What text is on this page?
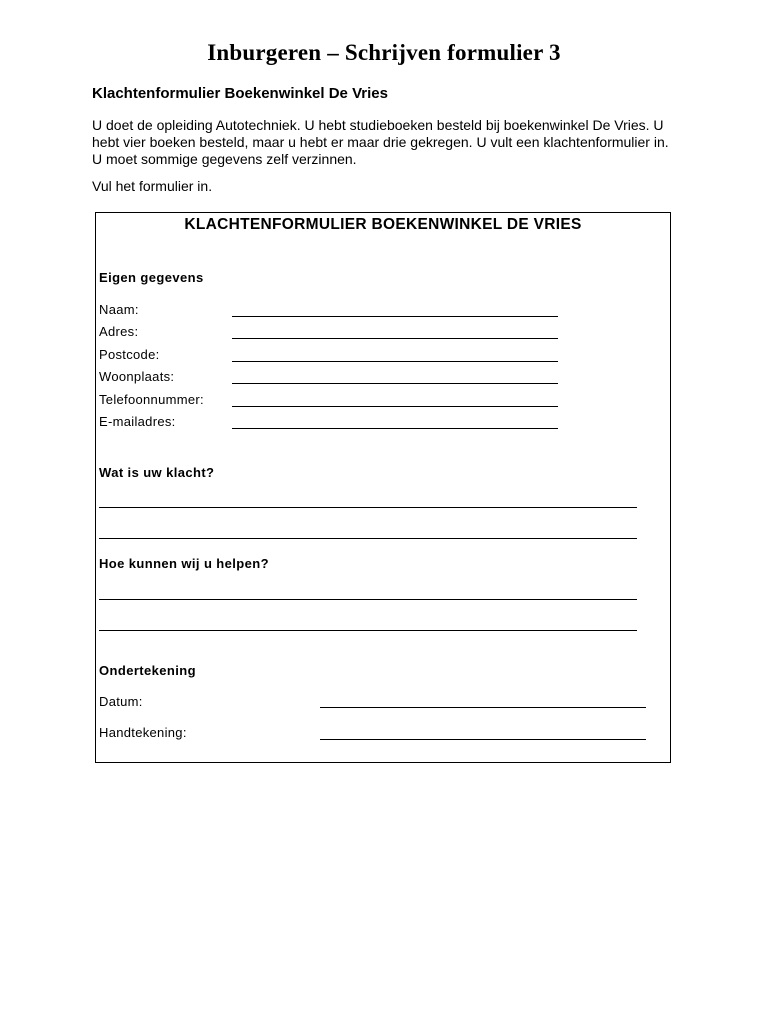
Inburgeren – Schrijven formulier 3
Klachtenformulier Boekenwinkel De Vries

U doet de opleiding Autotechniek. U hebt studieboeken besteld bij boekenwinkel De Vries. U
hebt vier boeken besteld, maar u hebt er maar drie gekregen. U vult een klachtenformulier in.
U moet sommige gegevens zelf verzinnen.

Vul het formulier in.
KLACHTENFORMULIER BOEKENWINKEL DE VRIES
Eigen gegevens
Naam:
Adres:
Postcode:
Woonplaats:
Telefoonnummer:
E-mailadres:
Wat is uw klacht?
Hoe kunnen wij u helpen?
Ondertekening
Datum:
Handtekening:
